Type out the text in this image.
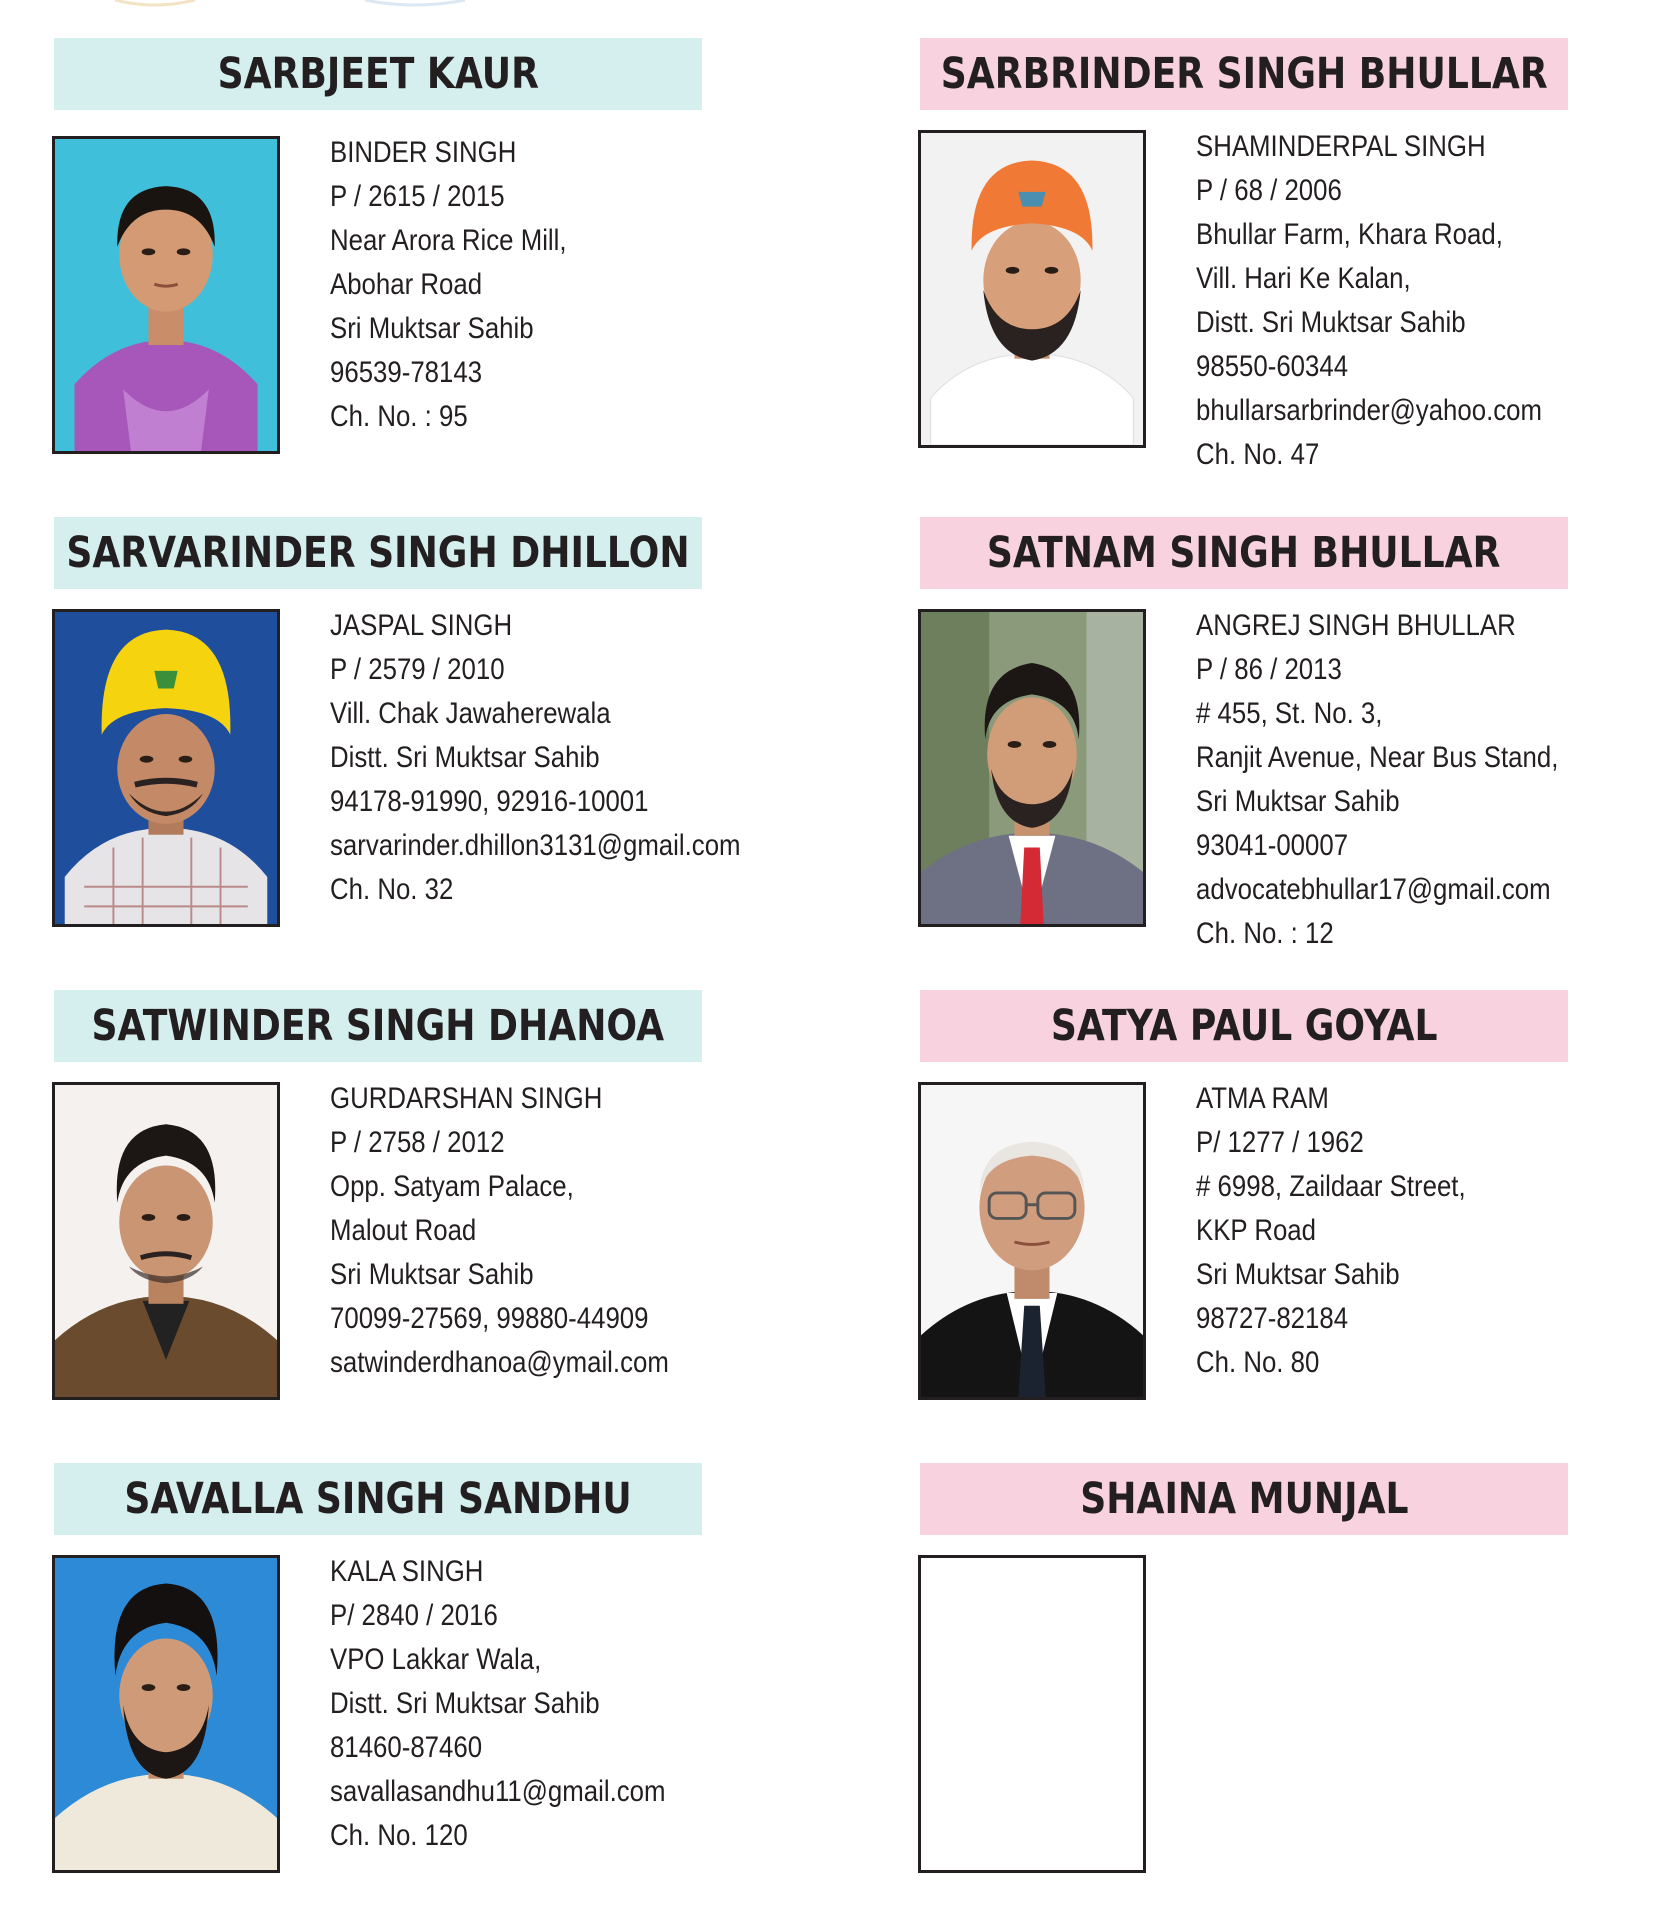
SARBJEET KAUR
BINDER SINGH
P / 2615 / 2015
Near Arora Rice Mill,
Abohar Road
Sri Muktsar Sahib
96539-78143
Ch. No. : 95
SARBRINDER SINGH BHULLAR
SHAMINDERPAL SINGH
P / 68 / 2006
Bhullar Farm, Khara Road,
Vill. Hari Ke Kalan,
Distt. Sri Muktsar Sahib
98550-60344
bhullarsarbrinder@yahoo.com
Ch. No. 47
SARVARINDER SINGH DHILLON
JASPAL SINGH
P / 2579 / 2010
Vill. Chak Jawaherewala
Distt. Sri Muktsar Sahib
94178-91990, 92916-10001
sarvarinder.dhillon3131@gmail.com
Ch. No. 32
SATNAM SINGH BHULLAR
ANGREJ SINGH BHULLAR
P / 86 / 2013
# 455, St. No. 3,
Ranjit Avenue, Near Bus Stand,
Sri Muktsar Sahib
93041-00007
advocatebhullar17@gmail.com
Ch. No. : 12
SATWINDER SINGH DHANOA
GURDARSHAN SINGH
P / 2758 / 2012
Opp. Satyam Palace,
Malout Road
Sri Muktsar Sahib
70099-27569, 99880-44909
satwinderdhanoa@ymail.com
SATYA PAUL GOYAL
ATMA RAM
P/ 1277 / 1962
# 6998, Zaildaar Street,
KKP Road
Sri Muktsar Sahib
98727-82184
Ch. No. 80
SAVALLA SINGH SANDHU
KALA SINGH
P/ 2840 / 2016
VPO Lakkar Wala,
Distt. Sri Muktsar Sahib
81460-87460
savallasandhu11@gmail.com
Ch. No. 120
SHAINA MUNJAL
